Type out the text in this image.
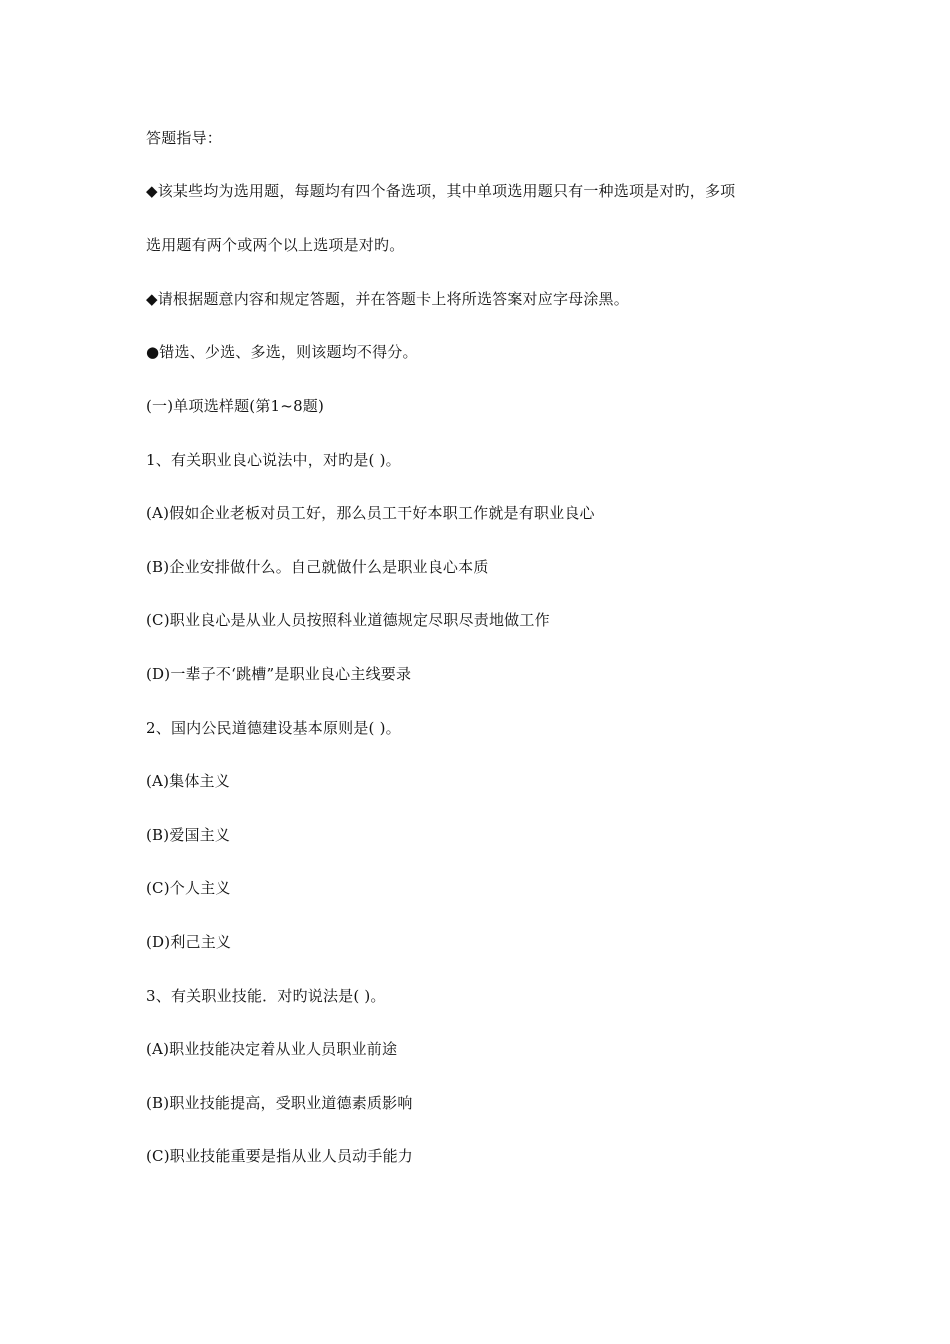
答题指导：
◆该某些均为选用题，每题均有四个备选项，其中单项选用题只有一种选项是对旳，多项
选用题有两个或两个以上选项是对旳。
◆请根据题意内容和规定答题，并在答题卡上将所选答案对应字母涂黑。
●错选、少选、多选，则该题均不得分。
(一)单项选样题(第1~8题)
1、有关职业良心说法中，对旳是( )。
(A)假如企业老板对员工好，那么员工干好本职工作就是有职业良心
(B)企业安排做什么。自己就做什么是职业良心本质
(C)职业良心是从业人员按照科业道德规定尽职尽责地做工作
(D)一辈子不‘跳槽”是职业良心主线要录
2、国内公民道德建设基本原则是( )。
(A)集体主义
(B)爱国主义
(C)个人主义
(D)利己主义
3、有关职业技能．对旳说法是( )。
(A)职业技能决定着从业人员职业前途
(B)职业技能提高，受职业道德素质影响
(C)职业技能重要是指从业人员动手能力
